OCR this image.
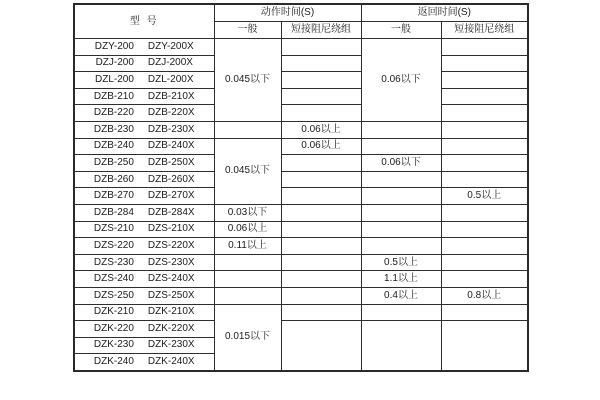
型 号	动作时间(S)		返回时间(S)	
	一般	短接阻尼绕组	一般	短接阻尼绕组
DZY-200 DZY-200X	0.045以下		0.06以下	
DZJ-200 DZJ-200X				
DZL-200 DZL-200X				
DZB-210 DZB-210X				
DZB-220 DZB-220X				
DZB-230 DZB-230X		0.06以上		
DZB-240 DZB-240X	0.045以下	0.06以上		
DZB-250 DZB-250X			0.06以下	
DZB-260 DZB-260X				
DZB-270 DZB-270X				0.5以上
DZB-284 DZB-284X	0.03以下			
DZS-210 DZS-210X	0.06以上			
DZS-220 DZS-220X	0.11以上			
DZS-230 DZS-230X			0.5以上	
DZS-240 DZS-240X			1.1以上	
DZS-250 DZS-250X			0.4以上	0.8以上
DZK-210 DZK-210X	0.015以下			
DZK-220 DZK-220X				
DZK-230 DZK-230X				
DZK-240 DZK-240X				
